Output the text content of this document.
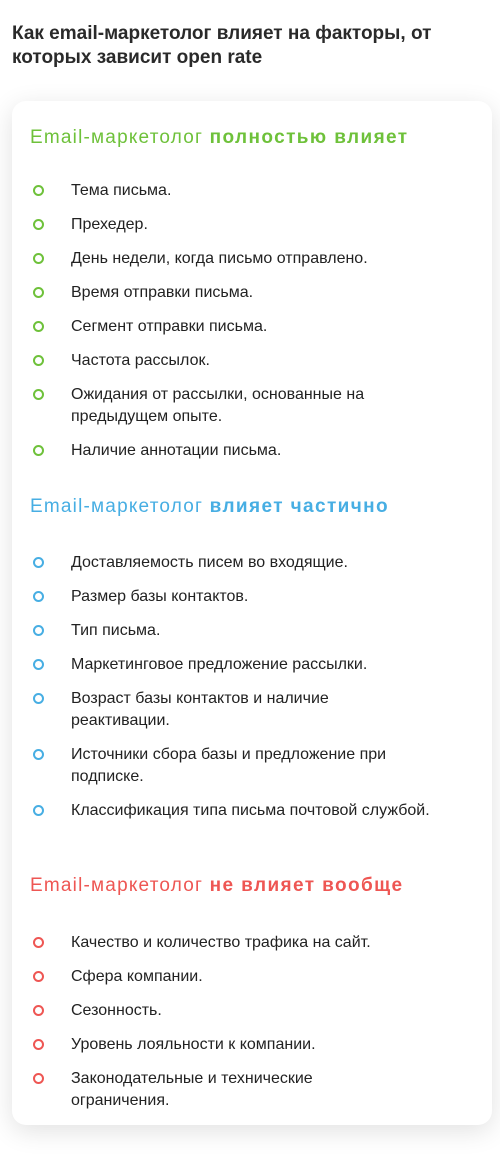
Как email-маркетолог влияет на факторы, от которых зависит open rate
Email-маркетолог полностью влияет
Тема письма.
Прехедер.
День недели, когда письмо отправлено.
Время отправки письма.
Сегмент отправки письма.
Частота рассылок.
Ожидания от рассылки, основанные на предыдущем опыте.
Наличие аннотации письма.
Email-маркетолог влияет частично
Доставляемость писем во входящие.
Размер базы контактов.
Тип письма.
Маркетинговое предложение рассылки.
Возраст базы контактов и наличие реактивации.
Источники сбора базы и предложение при подписке.
Классификация типа письма почтовой службой.
Email-маркетолог не влияет вообще
Качество и количество трафика на сайт.
Сфера компании.
Сезонность.
Уровень лояльности к компании.
Законодательные и технические ограничения.
